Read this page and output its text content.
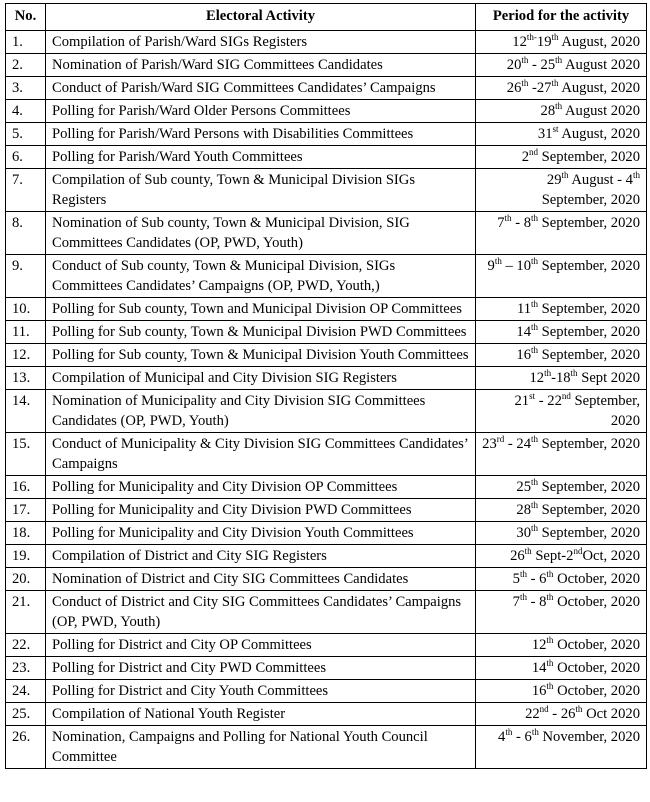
No.	Electoral Activity	Period for the activity
1.	Compilation of Parish/Ward SIGs Registers	$12^{th-}19th$ August, 2020
2.	Nomination of Parish/Ward SIG Committees Candidates	20th - 25th August 2020
3.	Conduct of Parish/Ward SIG Committees Candidates’ Campaigns	26th -27th August, 2020
4.	Polling for Parish/Ward Older Persons Committees	28th August 2020
5.	Polling for Parish/Ward Persons with Disabilities Committees	31st August, 2020
6.	Polling for Parish/Ward Youth Committees	2nd September, 2020
7.	Compilation of Sub county, Town & Municipal Division SIGs Registers	29th August - 4th September, 2020
8.	Nomination of Sub county, Town & Municipal Division, SIG Committees Candidates (OP, PWD, Youth)	7th - 8th September, 2020
9.	Conduct of Sub county, Town & Municipal Division, SIGs Committees Candidates’ Campaigns (OP, PWD, Youth,)	9th – 10th September, 2020
10.	Polling for Sub county, Town and Municipal Division OP Committees	11th September, 2020
11.	Polling for Sub county, Town & Municipal Division PWD Committees	14th September, 2020
12.	Polling for Sub county, Town & Municipal Division Youth Committees	16th September, 2020
13.	Compilation of Municipal and City Division SIG Registers	12th-18th Sept 2020
14.	Nomination of Municipality and City Division SIG Committees Candidates (OP, PWD, Youth)	21st - 22nd September, 2020
15.	Conduct of Municipality & City Division SIG Committees Candidates’ Campaigns	23rd - 24th September, 2020
16.	Polling for Municipality and City Division OP Committees	25th September, 2020
17.	Polling for Municipality and City Division PWD Committees	28th September, 2020
18.	Polling for Municipality and City Division Youth Committees	30th September, 2020
19.	Compilation of District and City SIG Registers	26th Sept-2ndOct, 2020
20.	Nomination of District and City SIG Committees Candidates	5th - 6th October, 2020
21.	Conduct of District and City SIG Committees Candidates’ Campaigns (OP, PWD, Youth)	7th - 8th October, 2020
22.	Polling for District and City OP Committees	12th October, 2020
23.	Polling for District and City PWD Committees	14th October, 2020
24.	Polling for District and City Youth Committees	16th October, 2020
25.	Compilation of National Youth Register	22nd - 26th Oct 2020
26.	Nomination, Campaigns and Polling for National Youth Council Committee	4th - 6th November, 2020
